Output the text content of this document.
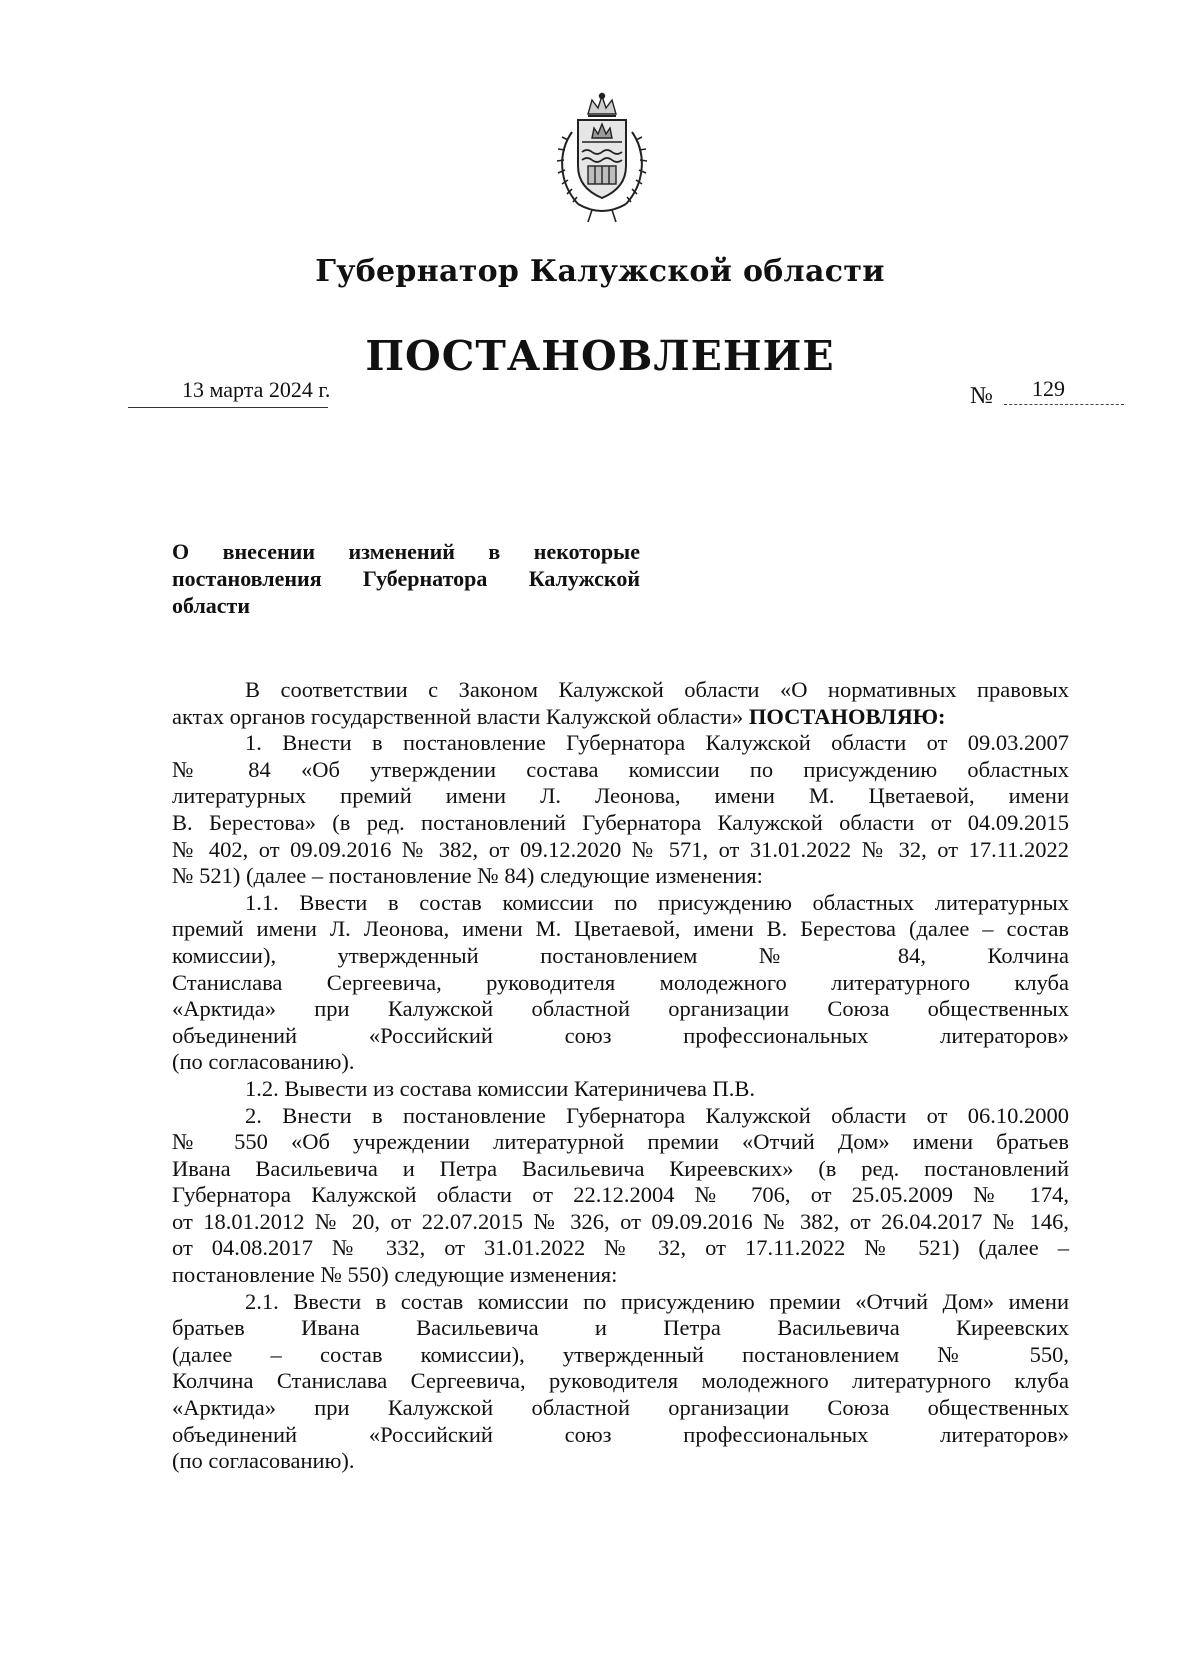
Губернатор Калужской области
ПОСТАНОВЛЕНИЕ
13 марта 2024 г.	№ 129
О внесении изменений в некоторые
постановления Губернатора Калужской
области
В соответствии с Законом Калужской области «О нормативных правовых
актах органов государственной власти Калужской области» ПОСТАНОВЛЯЮ:
1. Внести в постановление Губернатора Калужской области от 09.03.2007
№ 84 «Об утверждении состава комиссии по присуждению областных
литературных премий имени Л. Леонова, имени М. Цветаевой, имени
В. Берестова» (в ред. постановлений Губернатора Калужской области от 04.09.2015
№ 402, от 09.09.2016 № 382, от 09.12.2020 № 571, от 31.01.2022 № 32, от 17.11.2022
№ 521) (далее – постановление № 84) следующие изменения:
1.1. Ввести в состав комиссии по присуждению областных литературных
премий имени Л. Леонова, имени М. Цветаевой, имени В. Берестова (далее – состав
комиссии), утвержденный постановлением № 84, Колчина
Станислава Сергеевича, руководителя молодежного литературного клуба
«Арктида» при Калужской областной организации Союза общественных
объединений «Российский союз профессиональных литераторов»
(по согласованию).
1.2. Вывести из состава комиссии Катериничева П.В.
2. Внести в постановление Губернатора Калужской области от 06.10.2000
№ 550 «Об учреждении литературной премии «Отчий Дом» имени братьев
Ивана Васильевича и Петра Васильевича Киреевских» (в ред. постановлений
Губернатора Калужской области от 22.12.2004 № 706, от 25.05.2009 № 174,
от 18.01.2012 № 20, от 22.07.2015 № 326, от 09.09.2016 № 382, от 26.04.2017 № 146,
от 04.08.2017 № 332, от 31.01.2022 № 32, от 17.11.2022 № 521) (далее –
постановление № 550) следующие изменения:
2.1. Ввести в состав комиссии по присуждению премии «Отчий Дом» имени
братьев Ивана Васильевича и Петра Васильевича Киреевских
(далее – состав комиссии), утвержденный постановлением № 550,
Колчина Станислава Сергеевича, руководителя молодежного литературного клуба
«Арктида» при Калужской областной организации Союза общественных
объединений «Российский союз профессиональных литераторов»
(по согласованию).
